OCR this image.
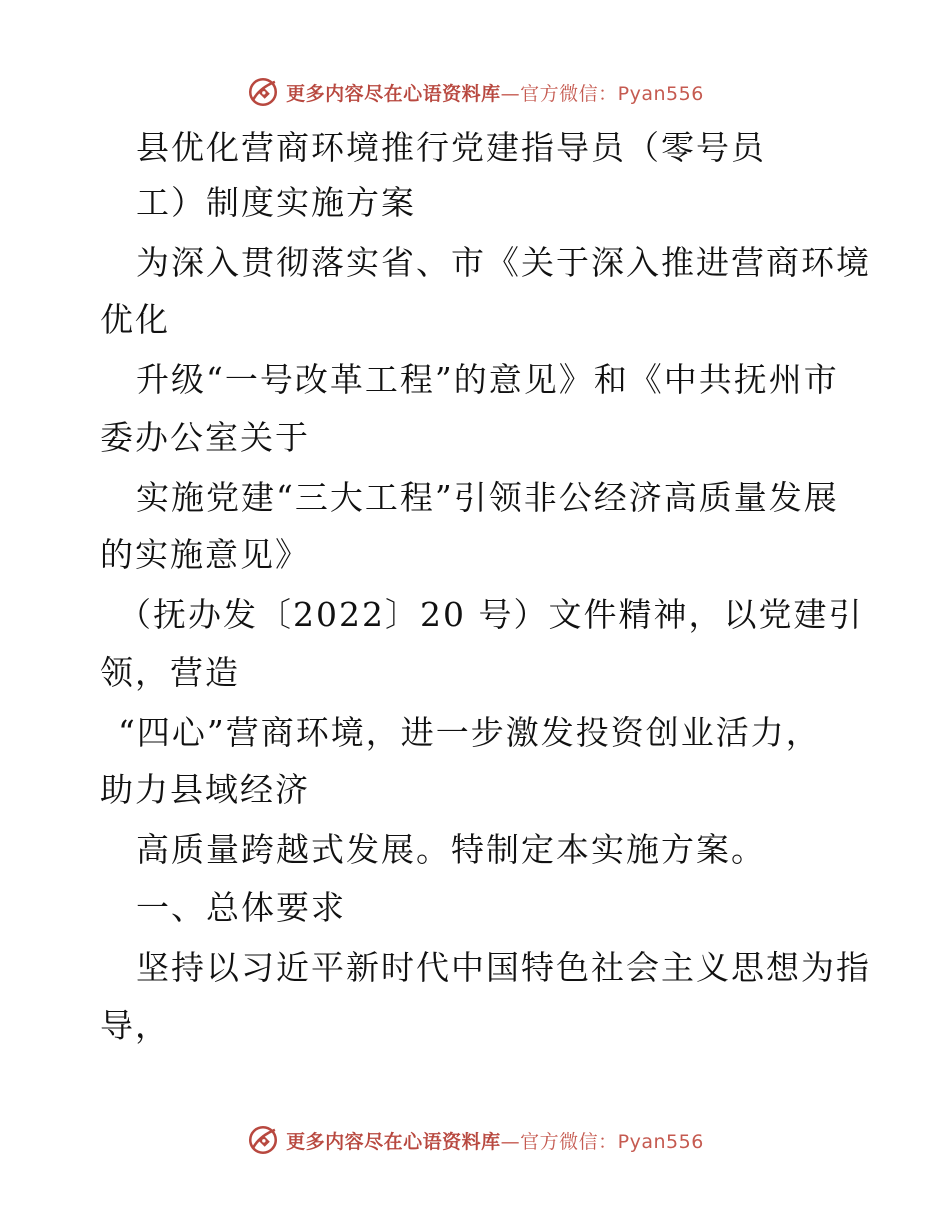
更多内容尽在心语资料库—官方微信：Pyan556
县优化营商环境推行党建指导员（零号员
工）制度实施方案
为深入贯彻落实省、市《关于深入推进营商环境
优化
升级“一号改革工程”的意见》和《中共抚州市
委办公室关于
实施党建“三大工程”引领非公经济高质量发展
的实施意见》
（抚办发〔2022〕20 号）文件精神，以党建引
领，营造
“四心”营商环境，进一步激发投资创业活力，
助力县域经济
高质量跨越式发展。特制定本实施方案。
一、总体要求
坚持以习近平新时代中国特色社会主义思想为指
导，
更多内容尽在心语资料库—官方微信：Pyan556
